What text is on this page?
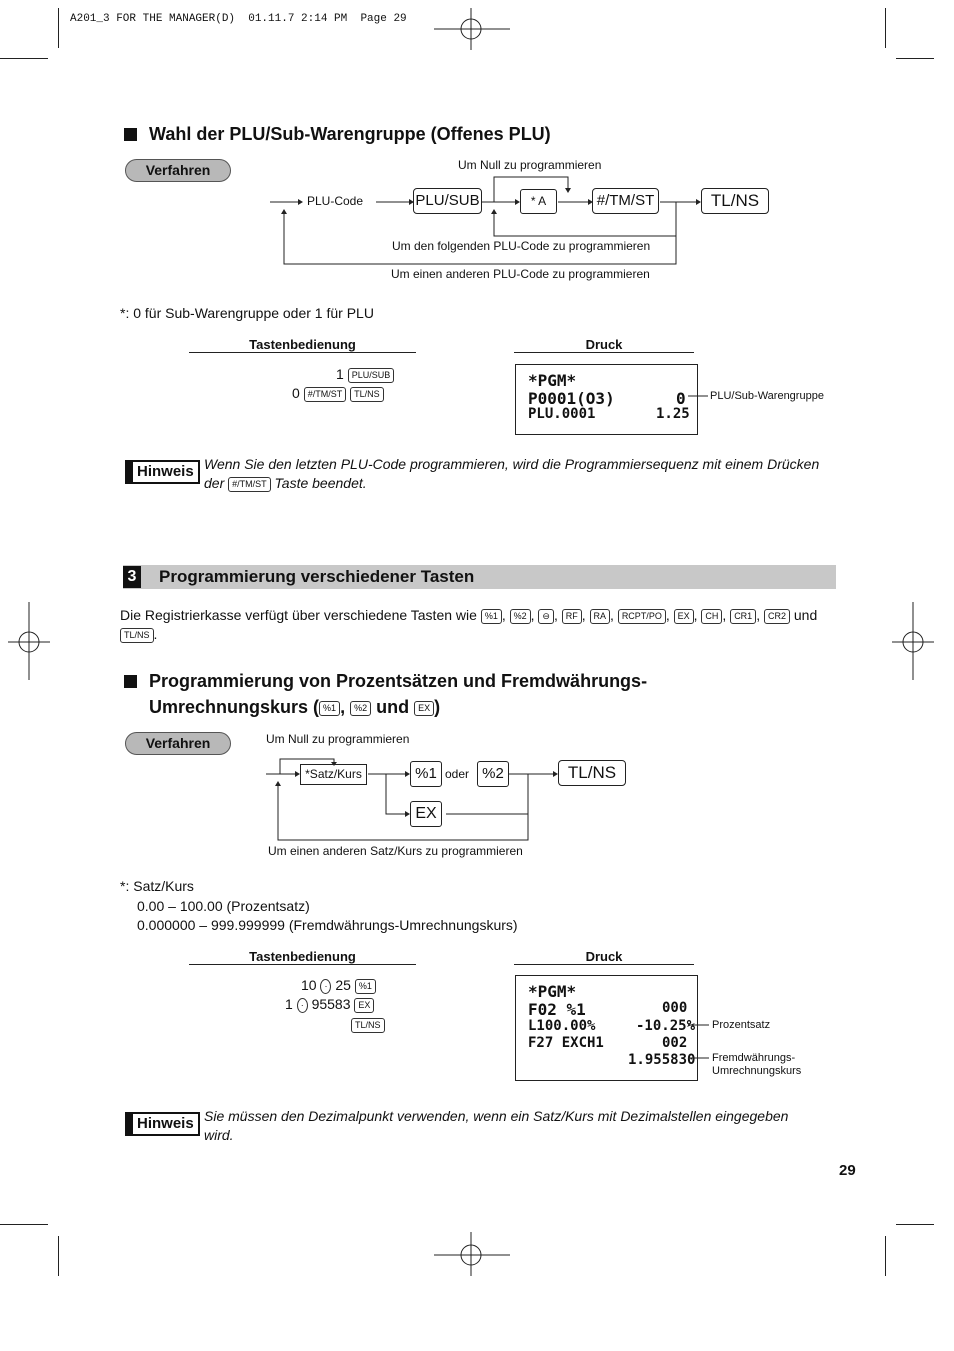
A201_3 FOR THE MANAGER(D)  01.11.7 2:14 PM  Page 29
Wahl der PLU/Sub-Warengruppe (Offenes PLU)
Verfahren	Um Null zu programmieren
PLU-Code	PLU/SUB	* A	#/TM/ST	TL/NS
Um den folgenden PLU-Code zu programmieren
Um einen anderen PLU-Code zu programmieren
*: 0 für Sub-Warengruppe oder 1 für PLU
Tastenbedienung	Druck
1 PLU/SUB
0 #/TM/ST TL/NS
*PGM*
P0001(O3)	0
PLU.0001	1.25
PLU/Sub-Warengruppe
Hinweis Wenn Sie den letzten PLU-Code programmieren, wird die Programmiersequenz mit einem Drücken
der #/TM/ST Taste beendet.
3 Programmierung verschiedener Tasten
Die Registrierkasse verfügt über verschiedene Tasten wie %1 , %2 , ⊖ , RF , RA , RCPT/PO , EX , CH , CR1 , CR2 und
TL/NS .
Programmierung von Prozentsätzen und Fremdwährungs-
Umrechnungskurs ( %1 , %2 und EX )
Verfahren	Um Null zu programmieren
*Satz/Kurs	%1 oder %2	TL/NS
EX
Um einen anderen Satz/Kurs zu programmieren
*: Satz/Kurs
0.00 – 100.00 (Prozentsatz)
0.000000 – 999.999999 (Fremdwährungs-Umrechnungskurs)
Tastenbedienung	Druck
10 · 25 %1
1 · 95583 EX
TL/NS
*PGM*
F02 %1	000
L100.00%	-10.25%
F27 EXCH1	002
1.955830
Prozentsatz
Fremdwährungs-
Umrechnungskurs
Hinweis Sie müssen den Dezimalpunkt verwenden, wenn ein Satz/Kurs mit Dezimalstellen eingegeben
wird.
29
